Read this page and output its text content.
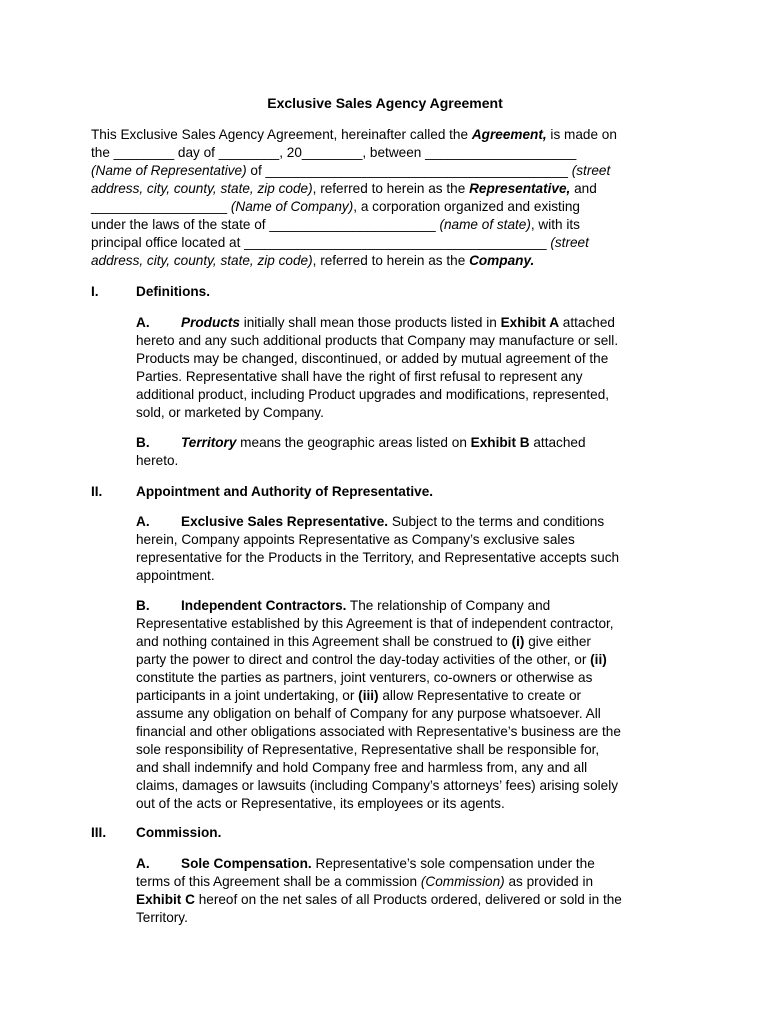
Exclusive Sales Agency Agreement
This Exclusive Sales Agency Agreement, hereinafter called the Agreement, is made on
the ________ day of ________, 20________, between ____________________
(Name of Representative) of ________________________________________ (street
address, city, county, state, zip code), referred to herein as the Representative, and
__________________ (Name of Company), a corporation organized and existing
under the laws of the state of ______________________ (name of state), with its
principal office located at ________________________________________ (street
address, city, county, state, zip code), referred to herein as the Company.
I.	Definitions.
A. Products initially shall mean those products listed in Exhibit A attached
hereto and any such additional products that Company may manufacture or sell.
Products may be changed, discontinued, or added by mutual agreement of the
Parties. Representative shall have the right of first refusal to represent any
additional product, including Product upgrades and modifications, represented,
sold, or marketed by Company.
B. Territory means the geographic areas listed on Exhibit B attached
hereto.
II. Appointment and Authority of Representative.
A. Exclusive Sales Representative. Subject to the terms and conditions
herein, Company appoints Representative as Company’s exclusive sales
representative for the Products in the Territory, and Representative accepts such
appointment.
B. Independent Contractors. The relationship of Company and
Representative established by this Agreement is that of independent contractor,
and nothing contained in this Agreement shall be construed to (i) give either
party the power to direct and control the day-today activities of the other, or (ii)
constitute the parties as partners, joint venturers, co-owners or otherwise as
participants in a joint undertaking, or (iii) allow Representative to create or
assume any obligation on behalf of Company for any purpose whatsoever. All
financial and other obligations associated with Representative’s business are the
sole responsibility of Representative, Representative shall be responsible for,
and shall indemnify and hold Company free and harmless from, any and all
claims, damages or lawsuits (including Company’s attorneys’ fees) arising solely
out of the acts or Representative, its employees or its agents.
III. Commission.
A. Sole Compensation. Representative’s sole compensation under the
terms of this Agreement shall be a commission (Commission) as provided in
Exhibit C hereof on the net sales of all Products ordered, delivered or sold in the
Territory.
